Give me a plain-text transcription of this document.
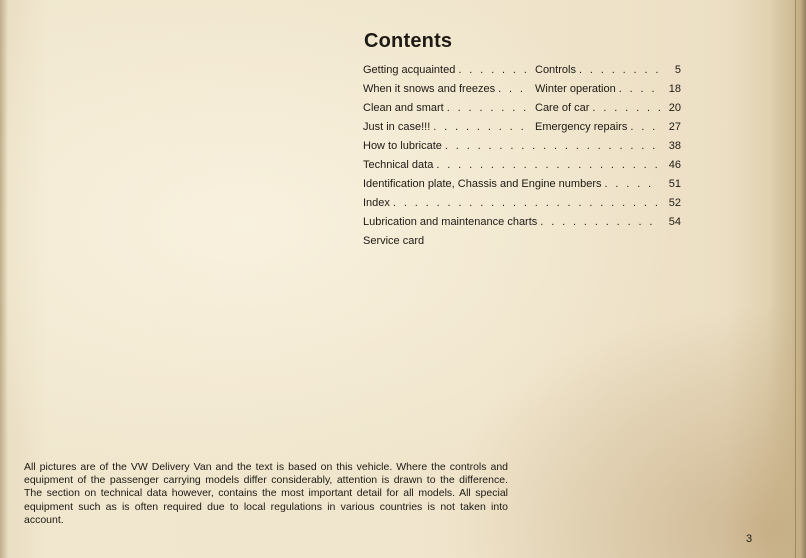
Contents
Getting acquainted . . .	Controls . . .	5
When it snows and freezes . . .	Winter operation . . .	18
Clean and smart . . .	Care of car . . .	20
Just in case!!! . . .	Emergency repairs . . .	27
How to lubricate . . .	38
Technical data . . .	46
Identification plate, Chassis and Engine numbers . . .	51
Index . . .	52
Lubrication and maintenance charts . . .	54
Service card

All pictures are of the VW Delivery Van and the text is based on this vehicle. Where the controls and equipment of the passenger carrying models differ considerably, attention is drawn to the difference. The section on technical data however, contains the most important detail for all models. All special equipment such as is often required due to local regulations in various countries is not taken into account.

3
